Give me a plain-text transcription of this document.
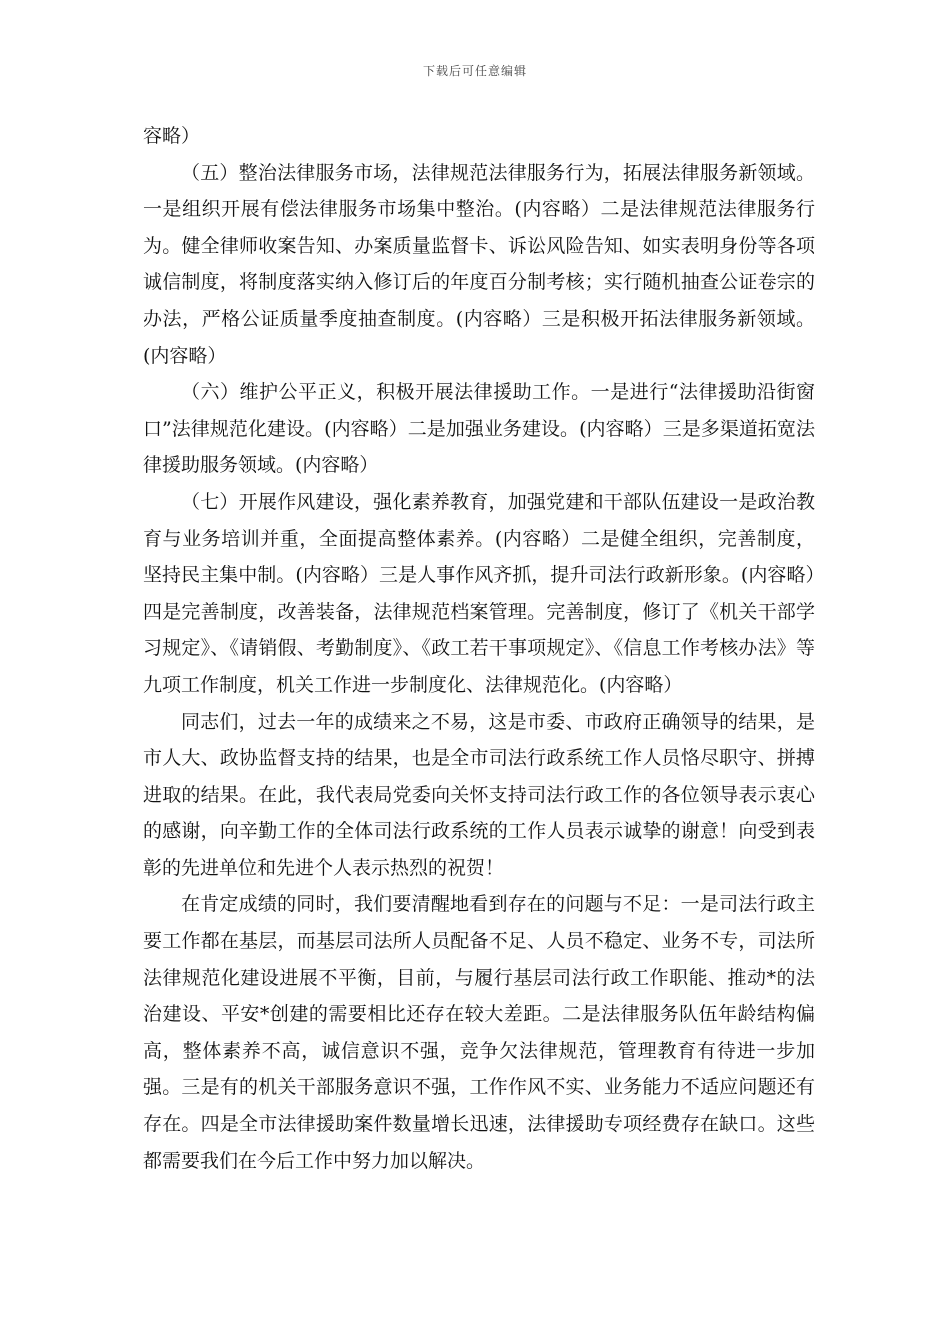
下载后可任意编辑

容略）

（五）整治法律服务市场，法律规范法律服务行为，拓展法律服务新领域。一是组织开展有偿法律服务市场集中整治。(内容略）二是法律规范法律服务行为。健全律师收案告知、办案质量监督卡、诉讼风险告知、如实表明身份等各项诚信制度，将制度落实纳入修订后的年度百分制考核；实行随机抽查公证卷宗的办法，严格公证质量季度抽查制度。(内容略）三是积极开拓法律服务新领域。(内容略）

（六）维护公平正义，积极开展法律援助工作。一是进行“法律援助沿街窗口”法律规范化建设。(内容略）二是加强业务建设。(内容略）三是多渠道拓宽法律援助服务领域。(内容略）

（七）开展作风建设，强化素养教育，加强党建和干部队伍建设一是政治教育与业务培训并重，全面提高整体素养。(内容略）二是健全组织，完善制度，坚持民主集中制。(内容略）三是人事作风齐抓，提升司法行政新形象。(内容略）四是完善制度，改善装备，法律规范档案管理。完善制度，修订了《机关干部学习规定》、《请销假、考勤制度》、《政工若干事项规定》、《信息工作考核办法》等九项工作制度，机关工作进一步制度化、法律规范化。(内容略）

同志们，过去一年的成绩来之不易，这是市委、市政府正确领导的结果，是市人大、政协监督支持的结果，也是全市司法行政系统工作人员恪尽职守、拼搏进取的结果。在此，我代表局党委向关怀支持司法行政工作的各位领导表示衷心的感谢，向辛勤工作的全体司法行政系统的工作人员表示诚挚的谢意！向受到表彰的先进单位和先进个人表示热烈的祝贺！

在肯定成绩的同时，我们要清醒地看到存在的问题与不足：一是司法行政主要工作都在基层，而基层司法所人员配备不足、人员不稳定、业务不专，司法所法律规范化建设进展不平衡，目前，与履行基层司法行政工作职能、推动*的法治建设、平安*创建的需要相比还存在较大差距。二是法律服务队伍年龄结构偏高，整体素养不高，诚信意识不强，竞争欠法律规范，管理教育有待进一步加强。三是有的机关干部服务意识不强，工作作风不实、业务能力不适应问题还有存在。四是全市法律援助案件数量增长迅速，法律援助专项经费存在缺口。这些都需要我们在今后工作中努力加以解决。
